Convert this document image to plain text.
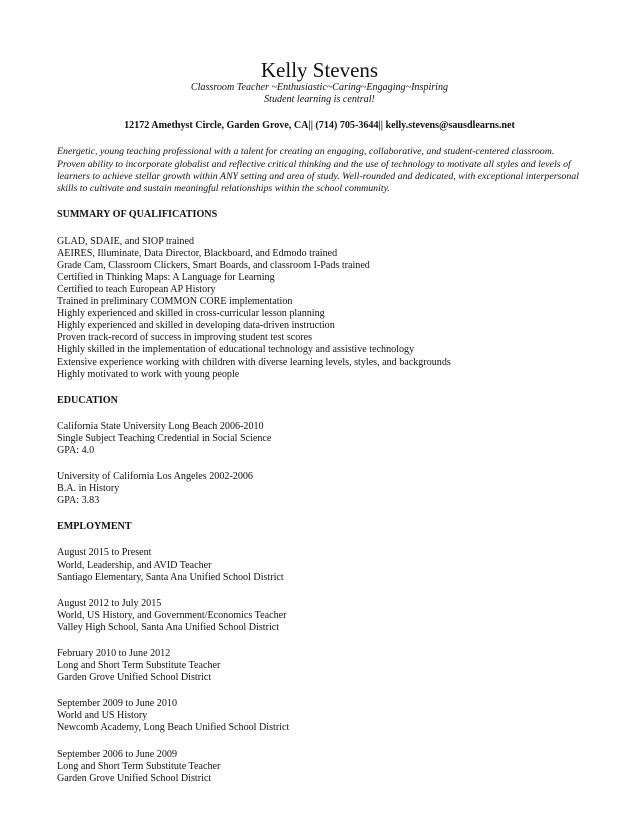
Kelly Stevens

Classroom Teacher ~Enthusiastic~Caring~Engaging~Inspiring

Student learning is central!

12172 Amethyst Circle, Garden Grove, CA|| (714) 705-3644|| kelly.stevens@sausdlearns.net

Energetic, young teaching professional with a talent for creating an engaging, collaborative, and student-centered classroom. Proven ability to incorporate globalist and reflective critical thinking and the use of technology to motivate all styles and levels of learners to achieve stellar growth within ANY setting and area of study. Well-rounded and dedicated, with exceptional interpersonal skills to cultivate and sustain meaningful relationships within the school community.

SUMMARY OF QUALIFICATIONS

GLAD, SDAIE, and SIOP trained
AEIRES, Illuminate, Data Director, Blackboard, and Edmodo trained
Grade Cam, Classroom Clickers, Smart Boards, and classroom I-Pads trained
Certified in Thinking Maps: A Language for Learning
Certified to teach European AP History
Trained in preliminary COMMON CORE implementation
Highly experienced and skilled in cross-curricular lesson planning
Highly experienced and skilled in developing data-driven instruction
Proven track-record of success in improving student test scores
Highly skilled in the implementation of educational technology and assistive technology
Extensive experience working with children with diverse learning levels, styles, and backgrounds
Highly motivated to work with young people

EDUCATION

California State University Long Beach 2006-2010
Single Subject Teaching Credential in Social Science
GPA: 4.0
University of California Los Angeles 2002-2006
B.A. in History
GPA: 3.83

EMPLOYMENT

August 2015 to Present
World, Leadership, and AVID Teacher
Santiago Elementary, Santa Ana Unified School District
August 2012 to July 2015
World, US History, and Government/Economics Teacher
Valley High School, Santa Ana Unified School District
February 2010 to June 2012
Long and Short Term Substitute Teacher
Garden Grove Unified School District
September 2009 to June 2010
World and US History
Newcomb Academy, Long Beach Unified School District
September 2006 to June 2009
Long and Short Term Substitute Teacher
Garden Grove Unified School District
